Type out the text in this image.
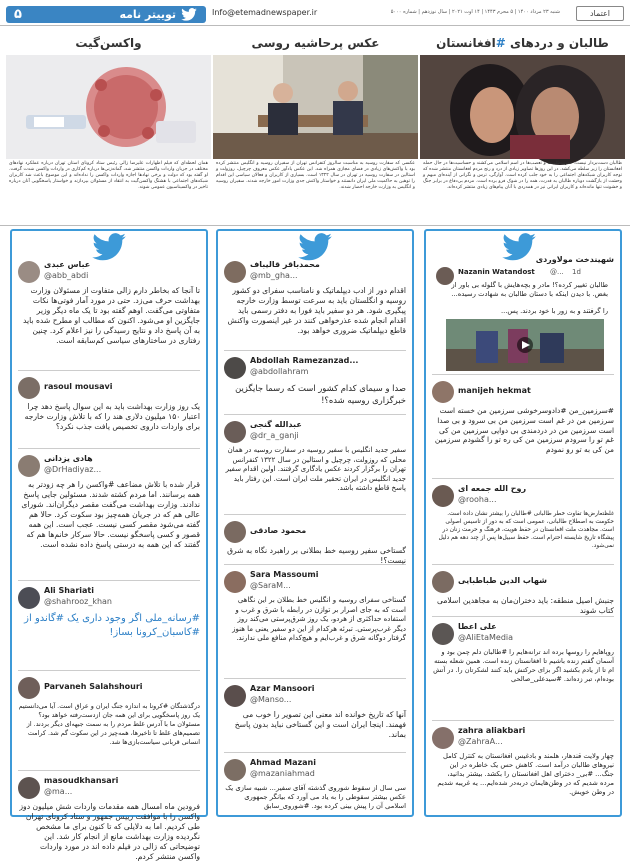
۵	توییتر نامه	Info@etemadnewspaper.ir	شنبه ۲۳ مرداد ۱۴۰۰ | ۵ محرم ۱۴۴۳ | ۱۴ اوت ۲۰۲۱ | سال نوزدهم | شماره ۵۰۰۰	اعتماد
طالبان و دردهای #افغانستان
طالبان دست‌بردار نیست. قدرت‌طلب‌ها و تعصب‌ها در اسم اسلامی می‌کشند و حساسیت‌ها در حال حمله افغانستان را زیر سلطه می‌کشد. در این روزها تصاویر زیادی از درد و رنج مردم افغانستان منتشر شده که توجه کاربران شبکه‌های اجتماعی را به خود جلب کرده است. آوارگی، ترس و نگرانی از آینده‌ای مبهم و وحشت از بازگشت دوباره طالبان به قدرت، همه را در شوک فرو برده است. مردم بی‌دفاع در برابر جنگ و خشونت تنها مانده‌اند و کاربران ایرانی نیز در همدردی با آنان پیام‌های زیادی منتشر کرده‌اند.
عکس پرحاشیه روسی
عکسی که سفارت روسیه به مناسبت سالروز کنفرانس تهران از سفیران روسیه و انگلیس منتشر کرده بود با واکنش‌های زیادی در فضای مجازی همراه شد. این عکس یادآور عکس معروف چرچیل، روزولت و استالین در سفارت روسیه در تهران در سال ۱۳۲۲ است. بسیاری از کاربران و فعالان سیاسی این اقدام را توهین به حاکمیت ملی ایران دانستند و خواستار واکنش جدی وزارت امور خارجه شدند. سفیران روسیه و انگلیس به وزارت خارجه احضار شدند.
واکسن‌گیت
همان لحظه‌ای که فیلم اظهارات علیرضا زالی رئیس ستاد کرونای استان تهران درباره عملکرد نهادهای مختلف در جریان واردات واکسن منتشر شد، گمانه‌زنی‌ها درباره کم‌کاری در واردات واکسن شدت گرفت. او گفته بود که دولت و برخی نهادها اجازه واردات واکسن را نداده‌اند و این موضوع باعث شد کاربران شبکه‌های اجتماعی با هشتگ واکسن‌گیت به انتقاد از مسئولان بپردازند و خواستار پاسخگویی آنان درباره تاخیر در واکسیناسیون عمومی شوند.
عباس عبدی
@abb_abdi
تا آنجا که بخاطر دارم زالی متفاوت از مسئولان وزارت بهداشت حرف می‌زد. حتی در مورد آمار فوتی‌ها نکات متفاوتی می‌گفت. اوهم گفته بود تا یک ماه دیگر وزیر جایگزین او می‌شود. اکنون که مطالب او مطرح شده باید به آن پاسخ داد و نتایج رسیدگی را نیز اعلام کرد. چنین رفتاری در ساختارهای سیاسی کم‌سابقه است.
rasoul mousavi
یک روز وزارت بهداشت باید به این سوال پاسخ دهد چرا اعتبار ۱۵۰ میلیون دلاری هند را که با تلاش وزارت خارجه برای واردات داروی تخصیص یافت جذب نکرد؟
هادی یزدانی
@DrHadiyaz...
قرار شده با تلاش مضاعف #واکسن را هر چه زودتر به همه برسانند. اما مردم کشته شدند. مسئولین جایی پاسخ ندادند. وزارت بهداشت می‌گفت مقصر دیگران‌اند. شورای عالی هم که در جریان همه‌چیز بود سکوت کرد. حالا هم گفته می‌شود مقصر کسی نیست. عجب است. این همه قصور و کسی پاسخگو نیست. حالا سرکار خانم‌ها هم که گفتند که این همه به درستی پاسخ داده نشده است.
Ali Shariati
@shahrooz_khan
#رسانه_ملی اگر وجود داری یک #گاندو از #کاسبان_کرونا بساز!
Parvaneh Salahshouri
درگذشتگان #کرونا به اندازه جنگ ایران و عراق است. آیا می‌دانستیم یک روز پاسخگویی برای این همه جان ازدست‌رفته خواهد بود؟ مسئولان ما با آدرس غلط مردم را به سمت جبهه‌ای دیگر بردند. از تصمیم‌های غلط تا تاخیرها، همه‌چیز در این سکوت گم شد. کرامت انسانی قربانی سیاست‌بازی‌ها شد.
masoudkhansari
@ma...
فرودین ماه امسال همه مقدمات واردات شش میلیون دوز واکسن را با موافقت رییس جمهور و ستاد کرونای تهران طی کردیم. اما به دلایلی که تا کنون برای ما مشخص نگردیده وزارت بهداشت مانع از انجام کار شد. این توضیحاتی که زالی در فیلم داده اند در مورد واردات واکسن منتشر کردم.
محمدباقر قالیباف
@mb_gha...
اقدام دور از ادب دیپلماتیک و نامناسب سفرای دو کشور روسیه و انگلستان باید به سرعت توسط وزارت خارجه پیگیری شود. هر دو سفیر باید فورا به دفتر رسمی باید اقدام انجام شده عذرخواهی کنند در غیر اینصورت واکنش قاطع دیپلماتیک ضروری خواهد بود.
Abdollah Ramezanzad...
@abdollahram
صدا و سیمای کدام کشور است که رسما جایگزین خبرگزاری روسیه شده؟!
عبدالله گنجی
@dr_a_ganji
سفیر جدید انگلیس با سفیر روسیه در سفارت روسیه در همان محلی که روزولت، چرچیل و استالین در سال ۱۳۲۲ کنفرانس تهران را برگزار کردند عکس یادگاری گرفتند. اولین اقدام سفیر جدید انگلیس در ایران تحقیر ملت ایران است. این رفتار باید پاسخ قاطع داشته باشد.
محمود صادقی
گستاخی سفیر روسیه خط بطلانی بر راهبرد نگاه به شرق نیست؟!
Sara Massoumi
@SaraM...
گستاخی سفرای روسیه و انگلیس خط بطلان بر این نگاهی است که به جای اصرار بر توازن در رابطه با شرق و غرب و استفاده حداکثری از هردو، یک روز شرق‌پرستی می‌کند روز دیگر غرب‌پرستی. تبرئه هرکدام از این دو سفیر یعنی ما هنوز گرفتار دوگانه شرق و غرب‌ایم و هیچ‌کدام منافع ملی ندارند.
Azar Mansoori
@Manso...
آنها که تاریخ خوانده اند معنی این تصویر را خوب می فهمند. اینجا ایران است و این گستاخی نباید بدون پاسخ بماند.
Ahmad Mazani
@mazaniahmad
سی سال از سقوط شوروی گذشته آقای سفیر... شبیه سازی یک عکس بیشتر سقوطی را به یاد می آورد که بیانگر جمهوری اسلامی آن را پیش بینی کرده بود. #شوروی_سابق
شهیندخت مولاوردی
Nazanin Watandost @... 1d
طالبان تغییر کرده؟! مادر و بچه‌هایش با گلوله بی باور از بغض. با دیدن اینکه با دستان طالبان به شهادت رسیده...
را گرفتند و به زور با خود بردند. پس...
manijeh hekmat
#سرزمین_من #دادوسرخوشی سرزمین من خسته است سرزمین من در غم است سرزمین من بی سرود و بی صدا است سرزمین من در دردمندی بی دوایی سرزمین من کی غم تو را سرودم سرزمین من کی ره تو را گشودم سرزمین من کی به تو رو نمودم
روح الله جمعه ای
@rooha...
غلظتعارض‌ها تفاوت خطر طالبانی #طالبان را بیشتر نشان داده است. حکومت به اصطلاح طالبانی، عمومی است که به دور از تاسیس اصولی است. مجاهدت ملت افغانستان در حفظ هویت، فرهنگ و حرمت زنان در پیشگاه تاریخ شایسته احترام است. حفظ سبیل‌ها پس از چند دهه هم دلیل نمی‌شود.
شهاب الدین طباطبایی
جنبش اصیل منطقه: باید دختران‌مان به مجاهدین اسلامی کتاب شوند
علی اعطا
@AliEtaMedia
روپاهایم را روسها برده اند ترانه‌هایم را #طالبان دلم چمن بود و آسمان گفتم زنده باشیم تا افغانستان زنده است. همین شعله بسته ام تا از یادم بکشید اگر بزای حرکتش باید کنند لشکر‌تان را. در آتش بوده‌ام، تبر زده‌اند. ‏#سیدعلی_صالحی
zahra aliakbari
@ZahraA...
چهار ولایت قندهار، هلمند و بادغیس افغانستان به کنترل کامل نیروهای طالبان درآمد است. کاهش حس یک خاطره در این جنگ... #بی_ دخترای اهل افغانستان را بکشد. بیشتر بدانید، مرده شدیم که در وطن‌هایمان دربه‌در شده‌ایم... یه غریبه شدیم در وطن خویش.
